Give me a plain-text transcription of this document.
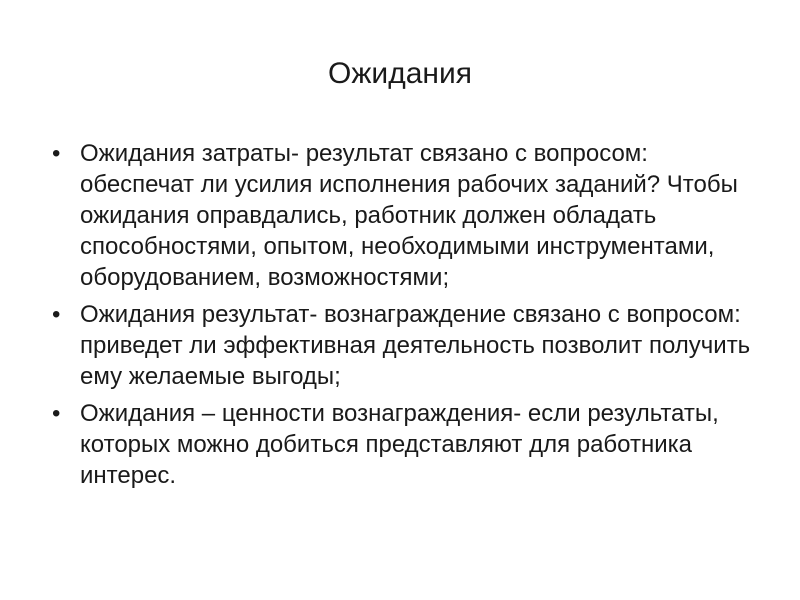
Ожидания
• Ожидания затраты- результат связано с вопросом: обеспечат ли усилия исполнения рабочих заданий? Чтобы ожидания оправдались, работник должен обладать способностями, опытом, необходимыми инструментами, оборудованием, возможностями;
• Ожидания результат- вознаграждение связано с вопросом: приведет ли эффективная деятельность позволит получить ему желаемые выгоды;
• Ожидания – ценности вознаграждения- если результаты, которых можно добиться представляют для работника интерес.
